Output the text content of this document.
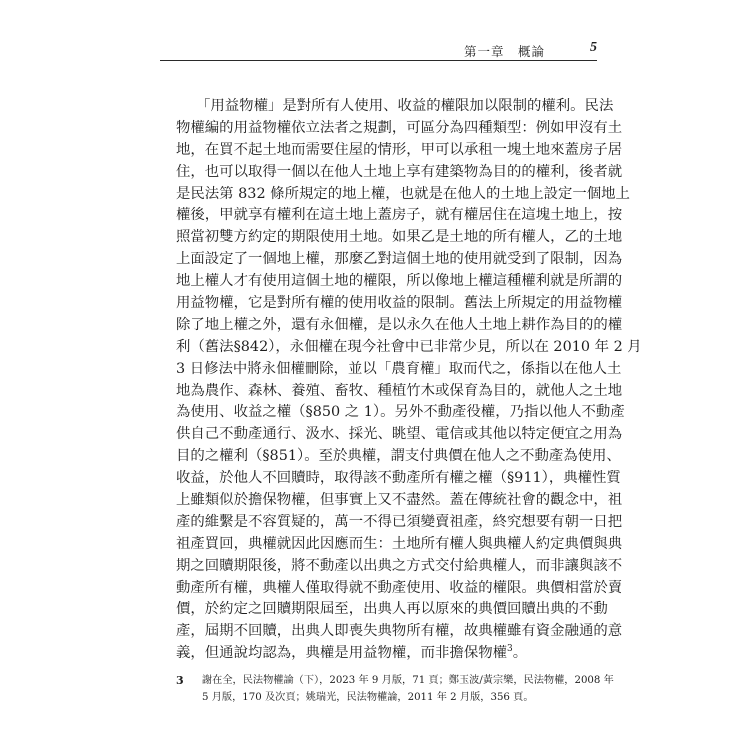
第一章　概論	5
「用益物權」是對所有人使用、收益的權限加以限制的權利。民法
物權編的用益物權依立法者之規劃，可區分為四種類型：例如甲沒有土
地，在買不起土地而需要住屋的情形，甲可以承租一塊土地來蓋房子居
住，也可以取得一個以在他人土地上享有建築物為目的的權利，後者就
是民法第 832 條所規定的地上權，也就是在他人的土地上設定一個地上
權後，甲就享有權利在這土地上蓋房子，就有權居住在這塊土地上，按
照當初雙方約定的期限使用土地。如果乙是土地的所有權人，乙的土地
上面設定了一個地上權，那麼乙對這個土地的使用就受到了限制，因為
地上權人才有使用這個土地的權限，所以像地上權這種權利就是所謂的
用益物權，它是對所有權的使用收益的限制。舊法上所規定的用益物權
除了地上權之外，還有永佃權，是以永久在他人土地上耕作為目的的權
利（舊法§842），永佃權在現今社會中已非常少見，所以在 2010 年 2 月
3 日修法中將永佃權刪除，並以「農育權」取而代之，係指以在他人土
地為農作、森林、養殖、畜牧、種植竹木或保育為目的，就他人之土地
為使用、收益之權（§850 之 1）。另外不動產役權，乃指以他人不動產
供自己不動產通行、汲水、採光、眺望、電信或其他以特定便宜之用為
目的之權利（§851）。至於典權，謂支付典價在他人之不動產為使用、
收益，於他人不回贖時，取得該不動產所有權之權（§911），典權性質
上雖類似於擔保物權，但事實上又不盡然。蓋在傳統社會的觀念中，祖
產的維繫是不容質疑的，萬一不得已須變賣祖產，終究想要有朝一日把
祖產買回，典權就因此因應而生：土地所有權人與典權人約定典價與典
期之回贖期限後，將不動產以出典之方式交付給典權人，而非讓與該不
動產所有權，典權人僅取得就不動產使用、收益的權限。典價相當於賣
價，於約定之回贖期限屆至，出典人再以原來的典價回贖出典的不動
產，屆期不回贖，出典人即喪失典物所有權，故典權雖有資金融通的意
義，但通說均認為，典權是用益物權，而非擔保物權$^3$。
3	謝在全，民法物權論（下），2023 年 9 月版，71 頁；鄭玉波/黃宗樂，民法物權，2008 年
5 月版，170 及次頁；姚瑞光，民法物權論，2011 年 2 月版，356 頁。
